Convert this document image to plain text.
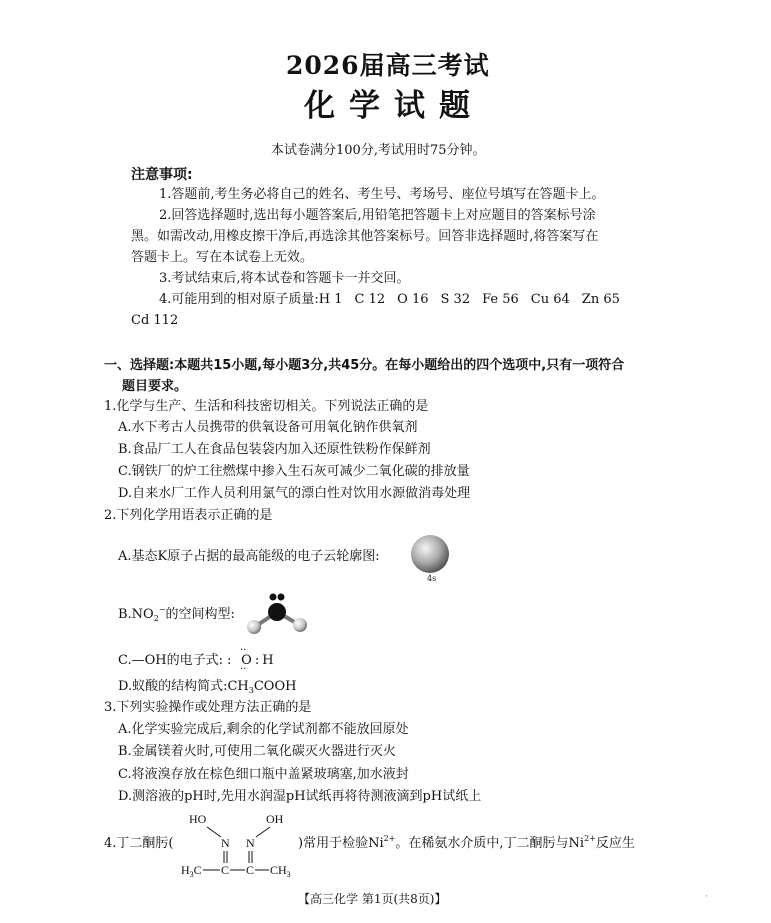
2026届高三考试
化学试题
本试卷满分100分,考试用时75分钟。
注意事项:
1.答题前,考生务必将自己的姓名、考生号、考场号、座位号填写在答题卡上。
2.回答选择题时,选出每小题答案后,用铅笔把答题卡上对应题目的答案标号涂
黑。如需改动,用橡皮擦干净后,再选涂其他答案标号。回答非选择题时,将答案写在
答题卡上。写在本试卷上无效。
3.考试结束后,将本试卷和答题卡一并交回。
4.可能用到的相对原子质量:H 1 C 12 O 16 S 32 Fe 56 Cu 64 Zn 65
Cd 112
一、选择题:本题共15小题,每小题3分,共45分。在每小题给出的四个选项中,只有一项符合
题目要求。
1.化学与生产、生活和科技密切相关。下列说法正确的是
A.水下考古人员携带的供氧设备可用氧化钠作供氧剂
B.食品厂工人在食品包装袋内加入还原性铁粉作保鲜剂
C.钢铁厂的炉工往燃煤中掺入生石灰可减少二氧化碳的排放量
D.自来水厂工作人员利用氯气的漂白性对饮用水源做消毒处理
2.下列化学用语表示正确的是
A.基态K原子占据的最高能级的电子云轮廓图:
4s
$B.NO_2^-$的空间构型:
C.—OH的电子式: :
··
··
O : H
D.蚁酸的结构简式$:CH_3COOH$
3.下列实验操作或处理方法正确的是
A.化学实验完成后,剩余的化学试剂都不能放回原处
B.金属镁着火时,可使用二氧化碳灭火器进行灭火
C.将液溴存放在棕色细口瓶中盖紧玻璃塞,加水液封
D.测溶液的pH时,先用水润湿pH试纸再将待测液滴到pH试纸上
4.丁二酮肟(	)常用于检验$Ni^{2+}$。在稀氨水介质中,丁二酮肟与$Ni^{2+}$反应生
HO	OH
N N
$H_3C$ C C $CH_3$
【高三化学 第1页(共8页)】	·
